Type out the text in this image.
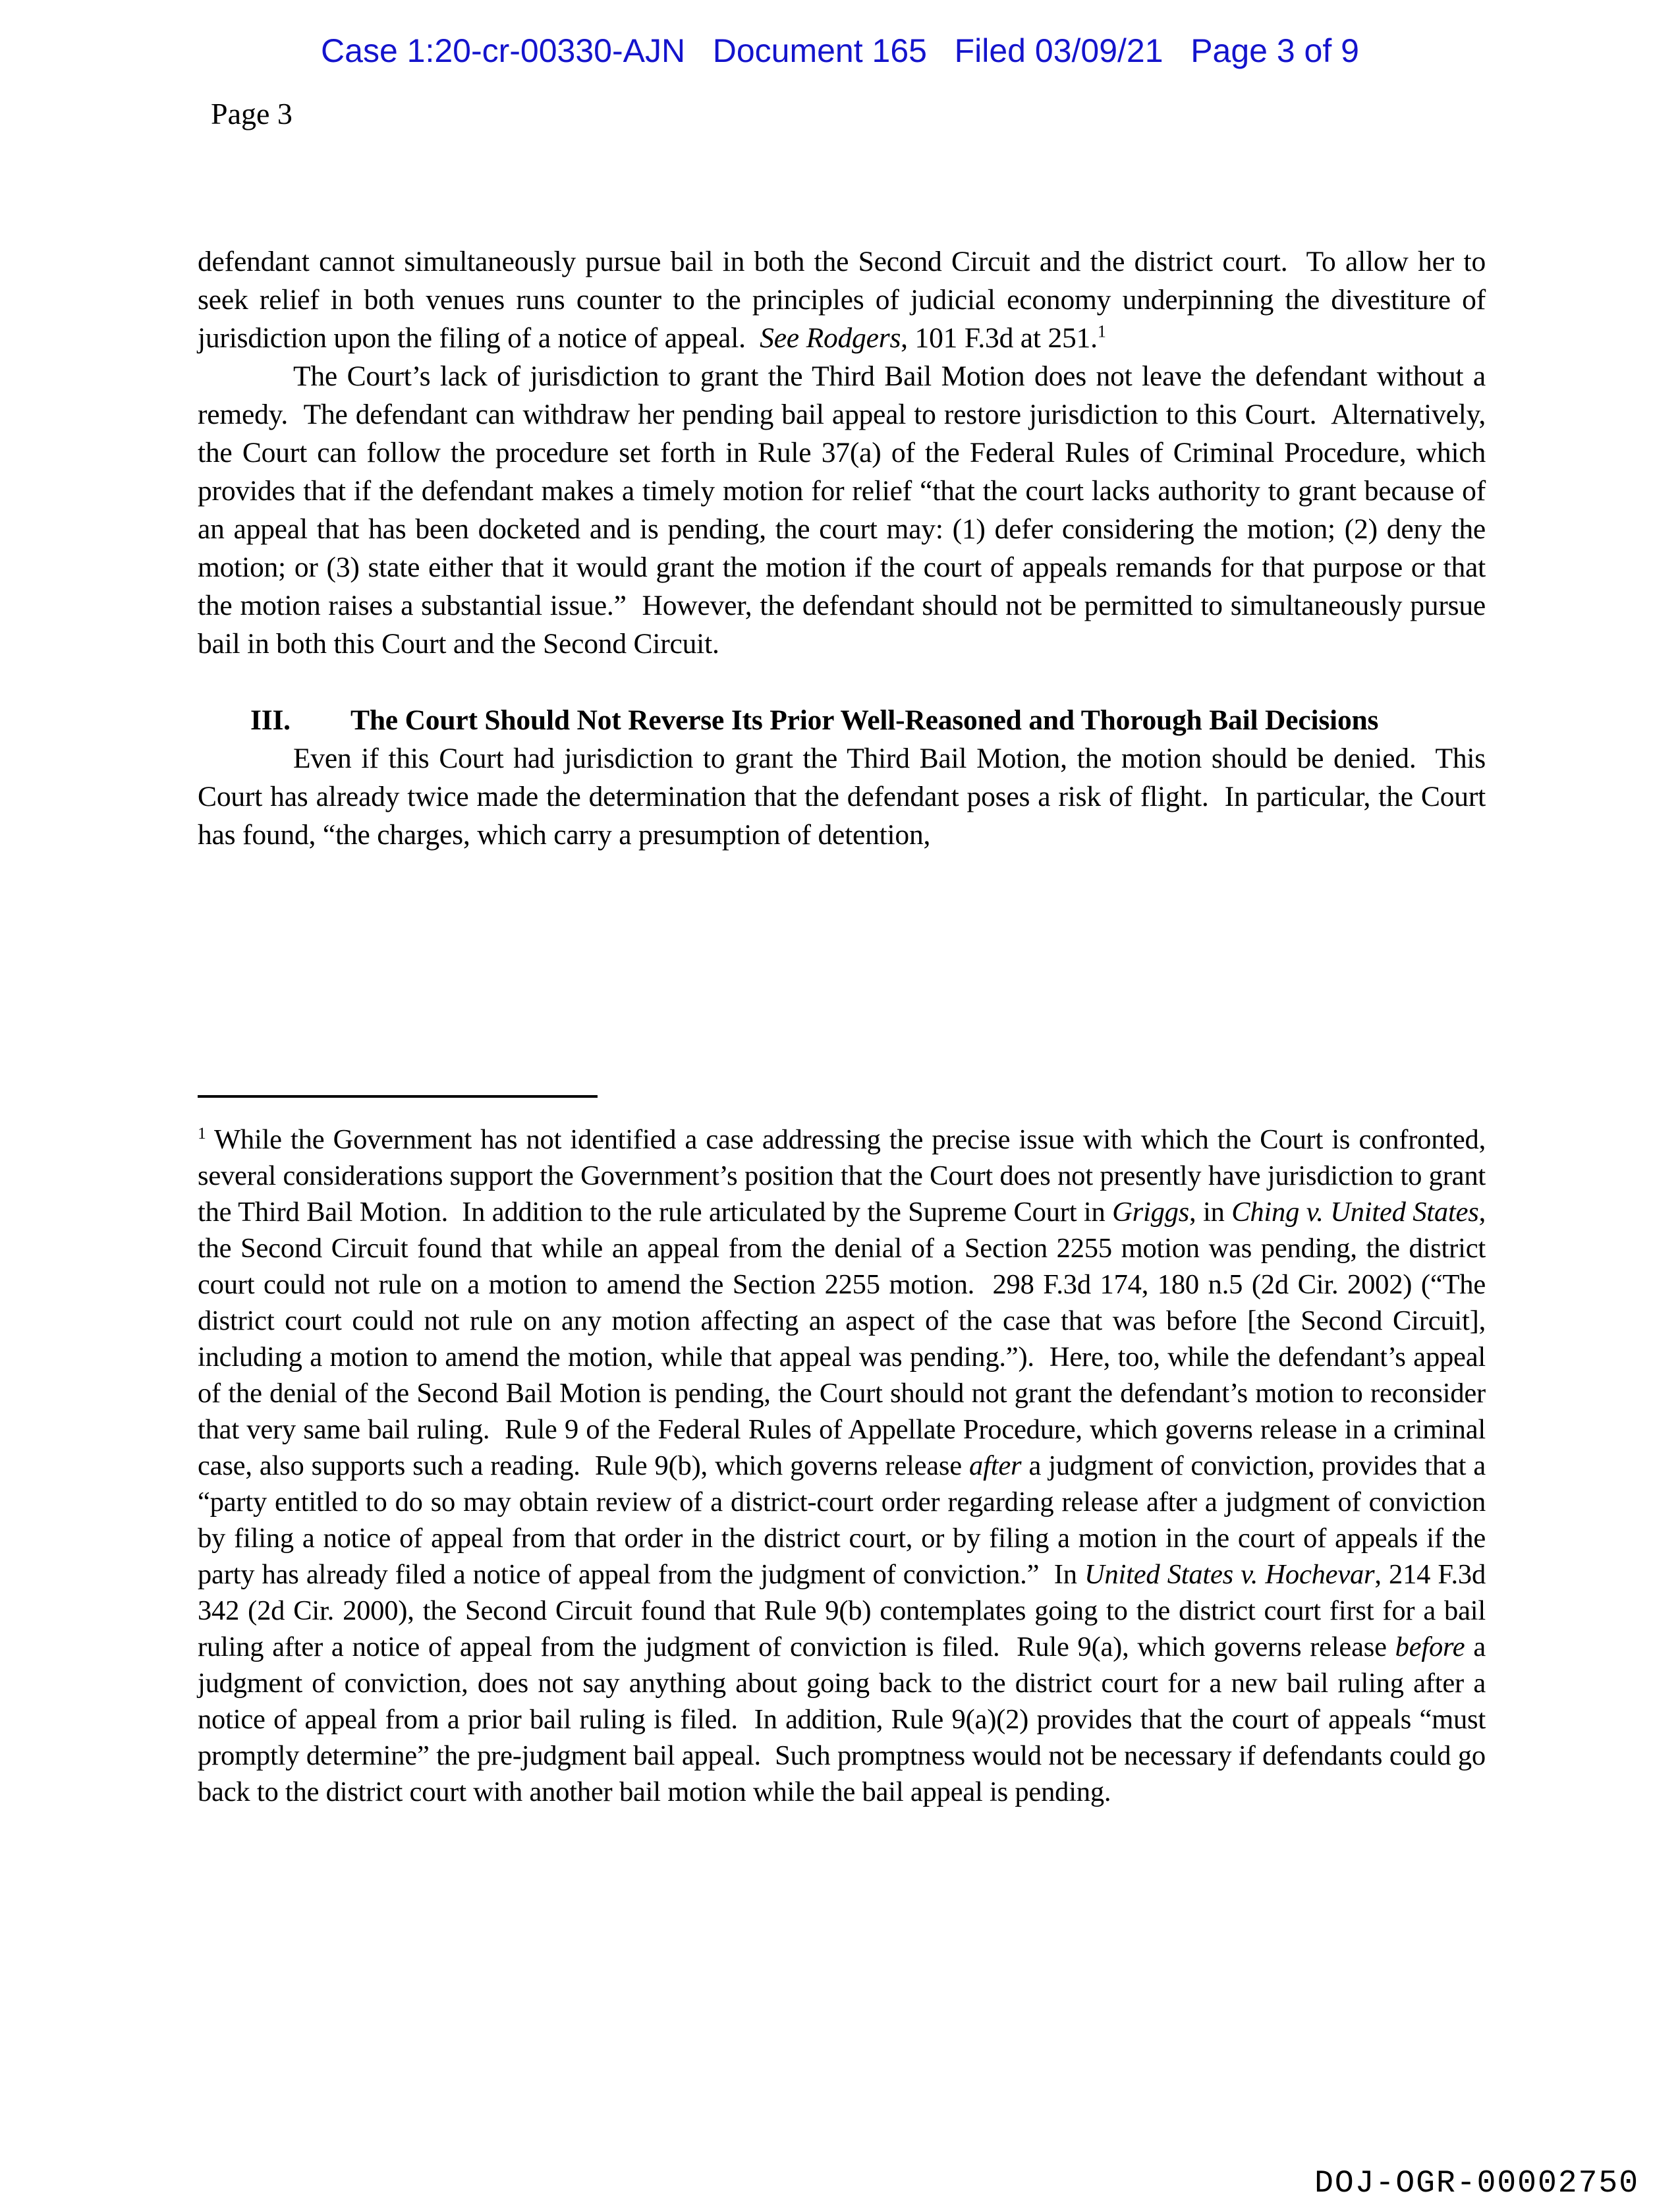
Case 1:20-cr-00330-AJN   Document 165   Filed 03/09/21   Page 3 of 9
Page 3

defendant cannot simultaneously pursue bail in both the Second Circuit and the district court.  To allow her to seek relief in both venues runs counter to the principles of judicial economy underpinning the divestiture of jurisdiction upon the filing of a notice of appeal.  See Rodgers, 101 F.3d at 251.$^1$

The Court’s lack of jurisdiction to grant the Third Bail Motion does not leave the defendant without a remedy.  The defendant can withdraw her pending bail appeal to restore jurisdiction to this Court.  Alternatively, the Court can follow the procedure set forth in Rule 37(a) of the Federal Rules of Criminal Procedure, which provides that if the defendant makes a timely motion for relief “that the court lacks authority to grant because of an appeal that has been docketed and is pending, the court may: (1) defer considering the motion; (2) deny the motion; or (3) state either that it would grant the motion if the court of appeals remands for that purpose or that the motion raises a substantial issue.”  However, the defendant should not be permitted to simultaneously pursue bail in both this Court and the Second Circuit.

III. The Court Should Not Reverse Its Prior Well-Reasoned and Thorough Bail Decisions

Even if this Court had jurisdiction to grant the Third Bail Motion, the motion should be denied.  This Court has already twice made the determination that the defendant poses a risk of flight.  In particular, the Court has found, “the charges, which carry a presumption of detention,

$^1$ While the Government has not identified a case addressing the precise issue with which the Court is confronted, several considerations support the Government’s position that the Court does not presently have jurisdiction to grant the Third Bail Motion.  In addition to the rule articulated by the Supreme Court in Griggs, in Ching v. United States, the Second Circuit found that while an appeal from the denial of a Section 2255 motion was pending, the district court could not rule on a motion to amend the Section 2255 motion.  298 F.3d 174, 180 n.5 (2d Cir. 2002) (“The district court could not rule on any motion affecting an aspect of the case that was before [the Second Circuit], including a motion to amend the motion, while that appeal was pending.”).  Here, too, while the defendant’s appeal of the denial of the Second Bail Motion is pending, the Court should not grant the defendant’s motion to reconsider that very same bail ruling.  Rule 9 of the Federal Rules of Appellate Procedure, which governs release in a criminal case, also supports such a reading.  Rule 9(b), which governs release after a judgment of conviction, provides that a “party entitled to do so may obtain review of a district-court order regarding release after a judgment of conviction by filing a notice of appeal from that order in the district court, or by filing a motion in the court of appeals if the party has already filed a notice of appeal from the judgment of conviction.”  In United States v. Hochevar, 214 F.3d 342 (2d Cir. 2000), the Second Circuit found that Rule 9(b) contemplates going to the district court first for a bail ruling after a notice of appeal from the judgment of conviction is filed.  Rule 9(a), which governs release before a judgment of conviction, does not say anything about going back to the district court for a new bail ruling after a notice of appeal from a prior bail ruling is filed.  In addition, Rule 9(a)(2) provides that the court of appeals “must promptly determine” the pre-judgment bail appeal.  Such promptness would not be necessary if defendants could go back to the district court with another bail motion while the bail appeal is pending.

DOJ-OGR-00002750
